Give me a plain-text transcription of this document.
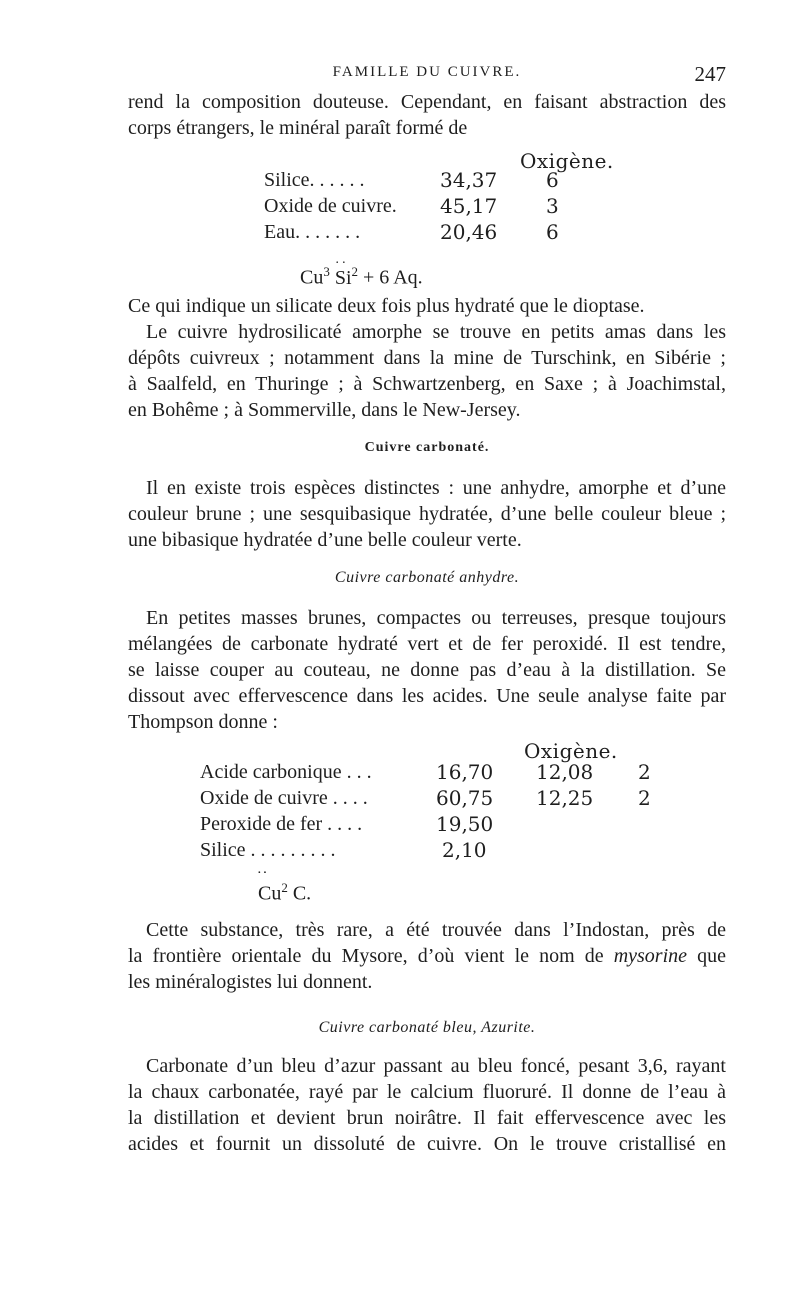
FAMILLE DU CUIVRE.	247
rend la composition douteuse. Cependant, en faisant abstraction des
corps étrangers, le minéral paraît formé de
Oxigène.
Silice. . . . . .	34,37 6
Oxide de cuivre. 45,17 3
Eau. . . . . . .	20,46 6
$Cu^3 \cdot\cdot Si^2 + 6$ Aq.
Ce qui indique un silicate deux fois plus hydraté que le dioptase.
Le cuivre hydrosilicaté amorphe se trouve en petits amas dans les
dépôts cuivreux ; notamment dans la mine de Turschink, en Sibérie ;
à Saalfeld, en Thuringe ; à Schwartzenberg, en Saxe ; à Joachimstal,
en Bohême ; à Sommerville, dans le New-Jersey.
Cuivre carbonaté.
Il en existe trois espèces distinctes : une anhydre, amorphe et d’une
couleur brune ; une sesquibasique hydratée, d’une belle couleur bleue ;
une bibasique hydratée d’une belle couleur verte.
Cuivre carbonaté anhydre.
En petites masses brunes, compactes ou terreuses, presque toujours
mélangées de carbonate hydraté vert et de fer peroxidé. Il est tendre,
se laisse couper au couteau, ne donne pas d’eau à la distillation. Se
dissout avec effervescence dans les acides. Une seule analyse faite par
Thompson donne :
Oxigène.
Acide carbonique . . .	16,70 12,08 2
Oxide de cuivre . . . .	60,75 12,25 2
Peroxide de fer . . . .	19,50
Silice . . . . . . . . .	2,10
·· $Cu^2 \cdot\cdot C$.
Cette substance, très rare, a été trouvée dans l’Indostan, près de
la frontière orientale du Mysore, d’où vient le nom de mysorine que
les minéralogistes lui donnent.
Cuivre carbonaté bleu, Azurite.
Carbonate d’un bleu d’azur passant au bleu foncé, pesant 3,6, rayant
la chaux carbonatée, rayé par le calcium fluoruré. Il donne de l’eau à
la distillation et devient brun noirâtre. Il fait effervescence avec les
acides et fournit un dissoluté de cuivre. On le trouve cristallisé en
